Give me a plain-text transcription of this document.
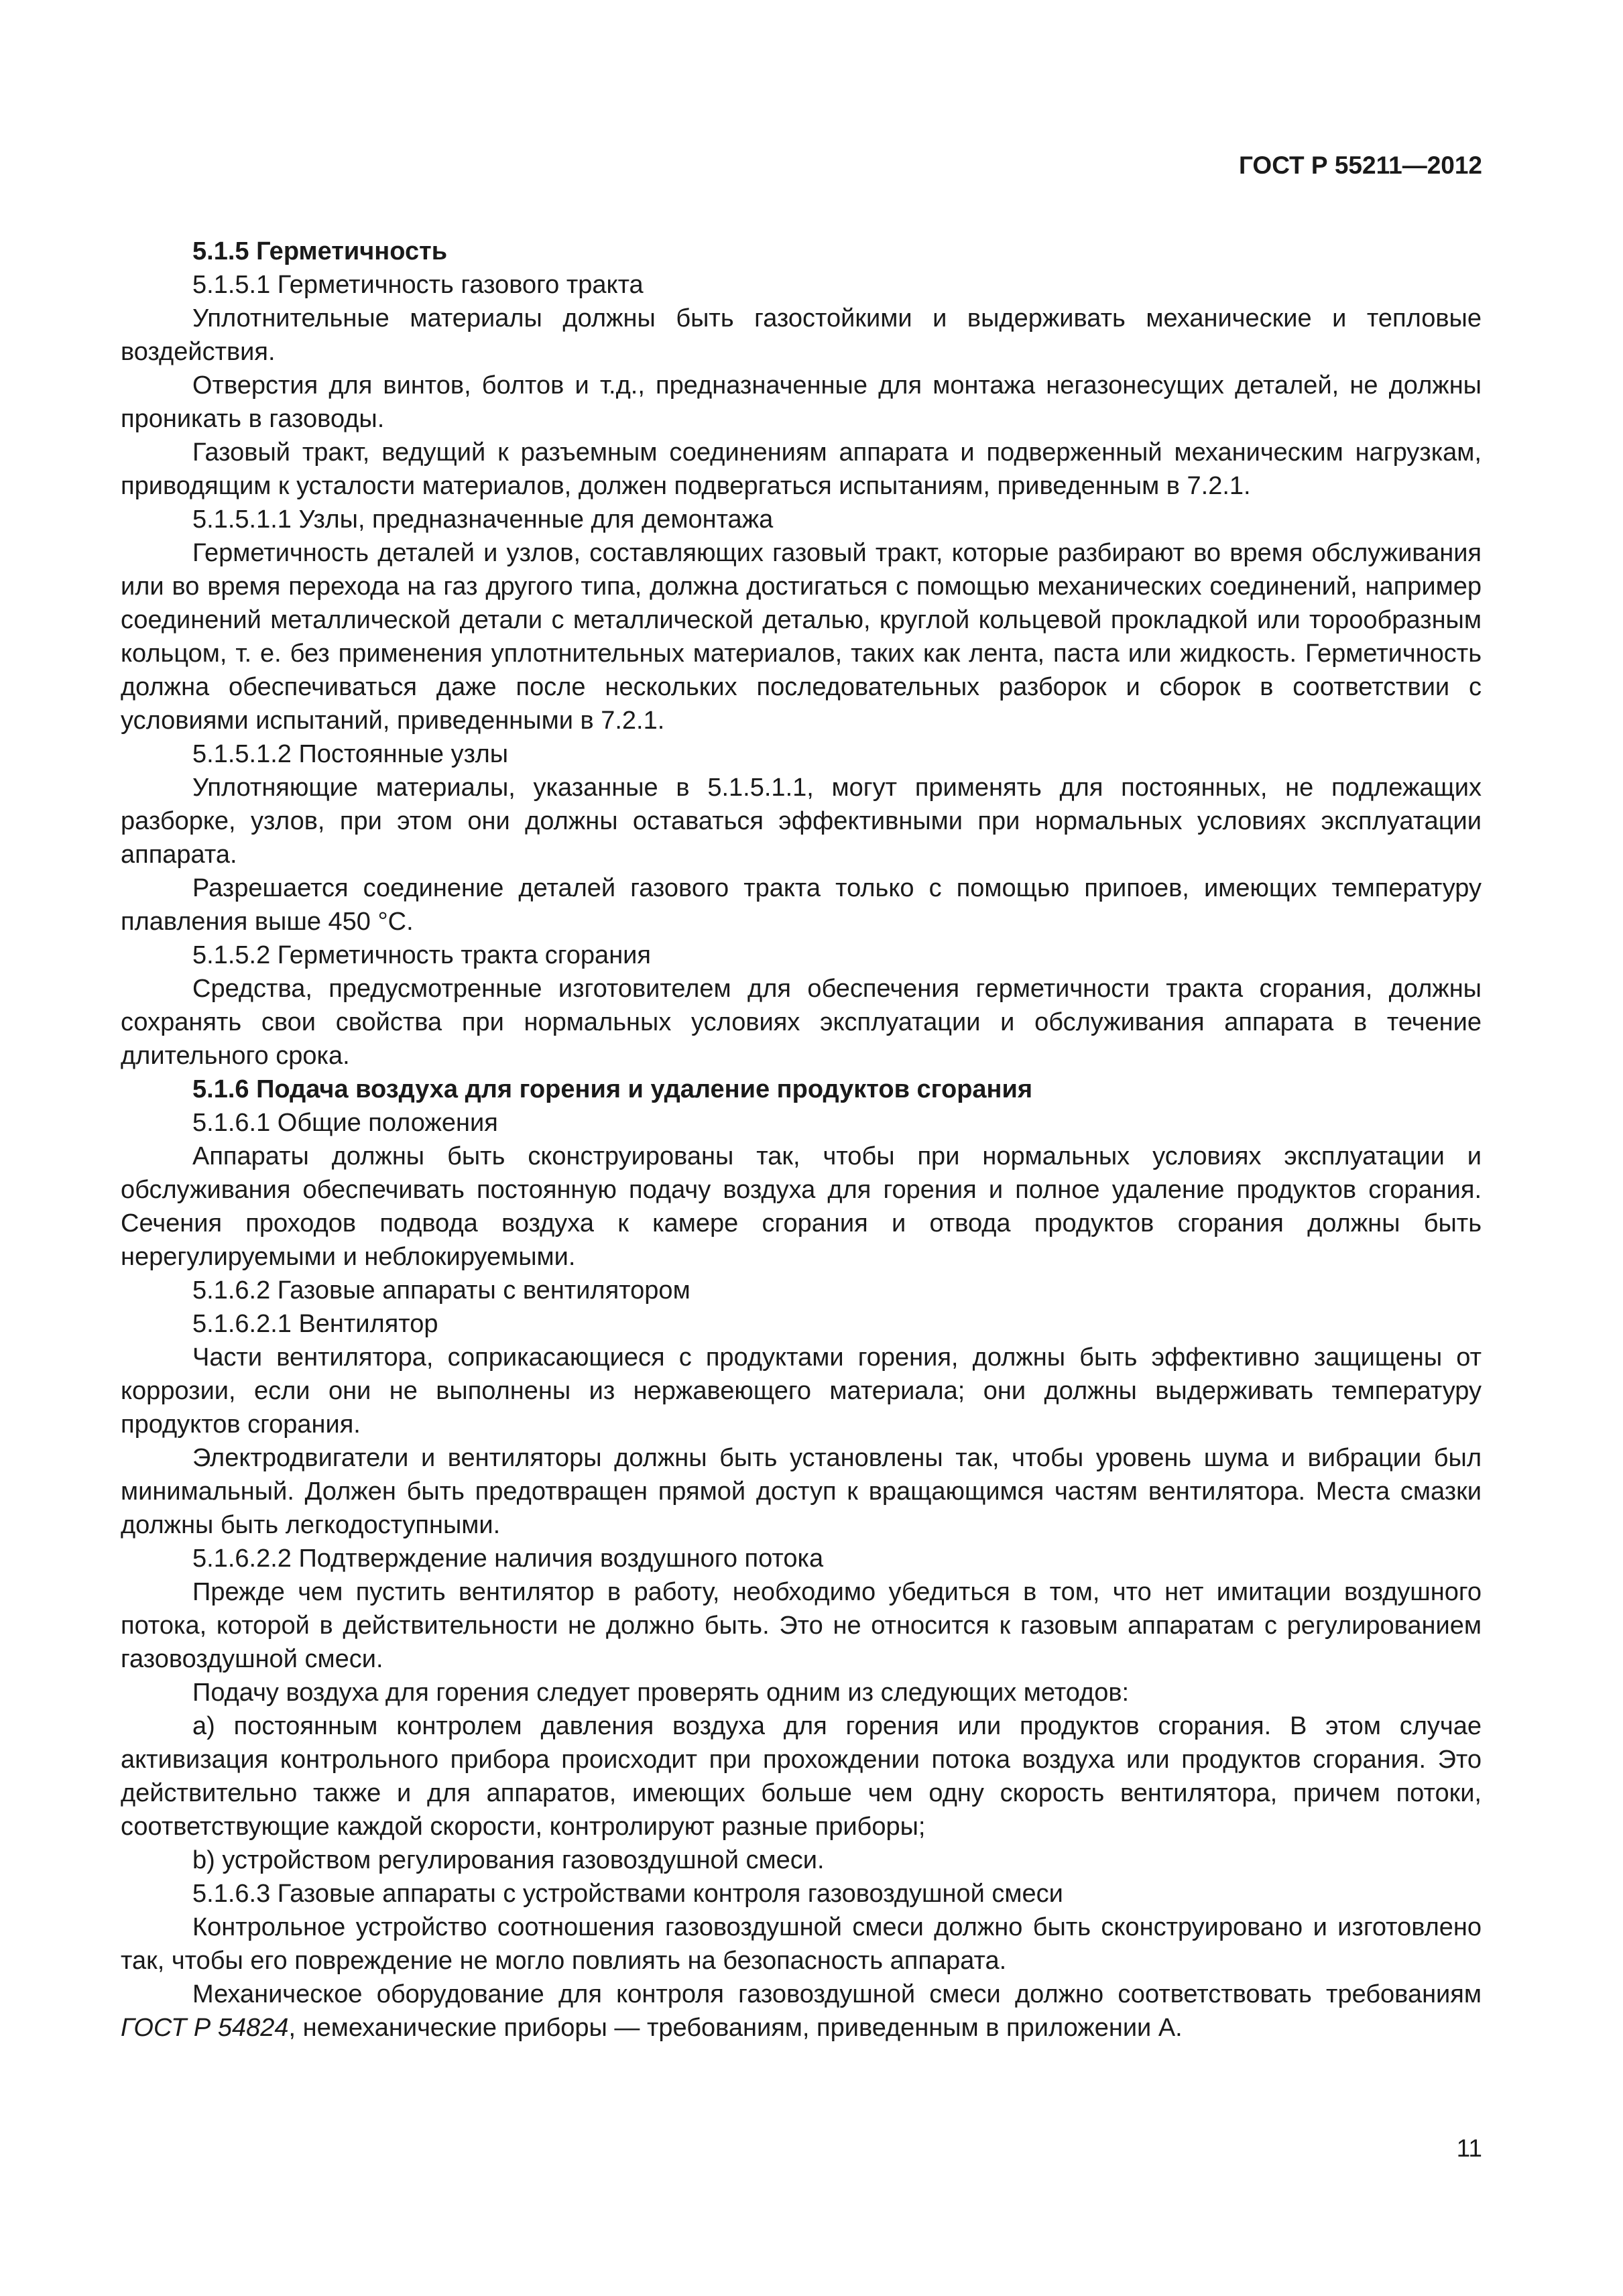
ГОСТ Р 55211—2012

5.1.5 Герметичность

5.1.5.1 Герметичность газового тракта

Уплотнительные материалы должны быть газостойкими и выдерживать механические и тепловые воздействия.

Отверстия для винтов, болтов и т.д., предназначенные для монтажа негазонесущих деталей, не должны проникать в газоводы.

Газовый тракт, ведущий к разъемным соединениям аппарата и подверженный механическим нагрузкам, приводящим к усталости материалов, должен подвергаться испытаниям, приведенным в 7.2.1.

5.1.5.1.1 Узлы, предназначенные для демонтажа

Герметичность деталей и узлов, составляющих газовый тракт, которые разбирают во время обслуживания или во время перехода на газ другого типа, должна достигаться с помощью механических соединений, например соединений металлической детали с металлической деталью, круглой кольцевой прокладкой или торообразным кольцом, т. е. без применения уплотнительных материалов, таких как лента, паста или жидкость. Герметичность должна обеспечиваться даже после нескольких последовательных разборок и сборок в соответствии с условиями испытаний, приведенными в 7.2.1.

5.1.5.1.2 Постоянные узлы

Уплотняющие материалы, указанные в 5.1.5.1.1, могут применять для постоянных, не подлежащих разборке, узлов, при этом они должны оставаться эффективными при нормальных условиях эксплуатации аппарата.

Разрешается соединение деталей газового тракта только с помощью припоев, имеющих температуру плавления выше 450 °С.

5.1.5.2 Герметичность тракта сгорания

Средства, предусмотренные изготовителем для обеспечения герметичности тракта сгорания, должны сохранять свои свойства при нормальных условиях эксплуатации и обслуживания аппарата в течение длительного срока.

5.1.6 Подача воздуха для горения и удаление продуктов сгорания

5.1.6.1 Общие положения

Аппараты должны быть сконструированы так, чтобы при нормальных условиях эксплуатации и обслуживания обеспечивать постоянную подачу воздуха для горения и полное удаление продуктов сгорания. Сечения проходов подвода воздуха к камере сгорания и отвода продуктов сгорания должны быть нерегулируемыми и неблокируемыми.

5.1.6.2 Газовые аппараты с вентилятором

5.1.6.2.1 Вентилятор

Части вентилятора, соприкасающиеся с продуктами горения, должны быть эффективно защищены от коррозии, если они не выполнены из нержавеющего материала; они должны выдерживать температуру продуктов сгорания.

Электродвигатели и вентиляторы должны быть установлены так, чтобы уровень шума и вибрации был минимальный. Должен быть предотвращен прямой доступ к вращающимся частям вентилятора. Места смазки должны быть легкодоступными.

5.1.6.2.2 Подтверждение наличия воздушного потока

Прежде чем пустить вентилятор в работу, необходимо убедиться в том, что нет имитации воздушного потока, которой в действительности не должно быть. Это не относится к газовым аппаратам с регулированием газовоздушной смеси.

Подачу воздуха для горения следует проверять одним из следующих методов:

а) постоянным контролем давления воздуха для горения или продуктов сгорания. В этом случае активизация контрольного прибора происходит при прохождении потока воздуха или продуктов сгорания. Это действительно также и для аппаратов, имеющих больше чем одну скорость вентилятора, причем потоки, соответствующие каждой скорости, контролируют разные приборы;

b) устройством регулирования газовоздушной смеси.

5.1.6.3 Газовые аппараты с устройствами контроля газовоздушной смеси

Контрольное устройство соотношения газовоздушной смеси должно быть сконструировано и изготовлено так, чтобы его повреждение не могло повлиять на безопасность аппарата.

Механическое оборудование для контроля газовоздушной смеси должно соответствовать требованиям ГОСТ Р 54824, немеханические приборы — требованиям, приведенным в приложении А.

11
